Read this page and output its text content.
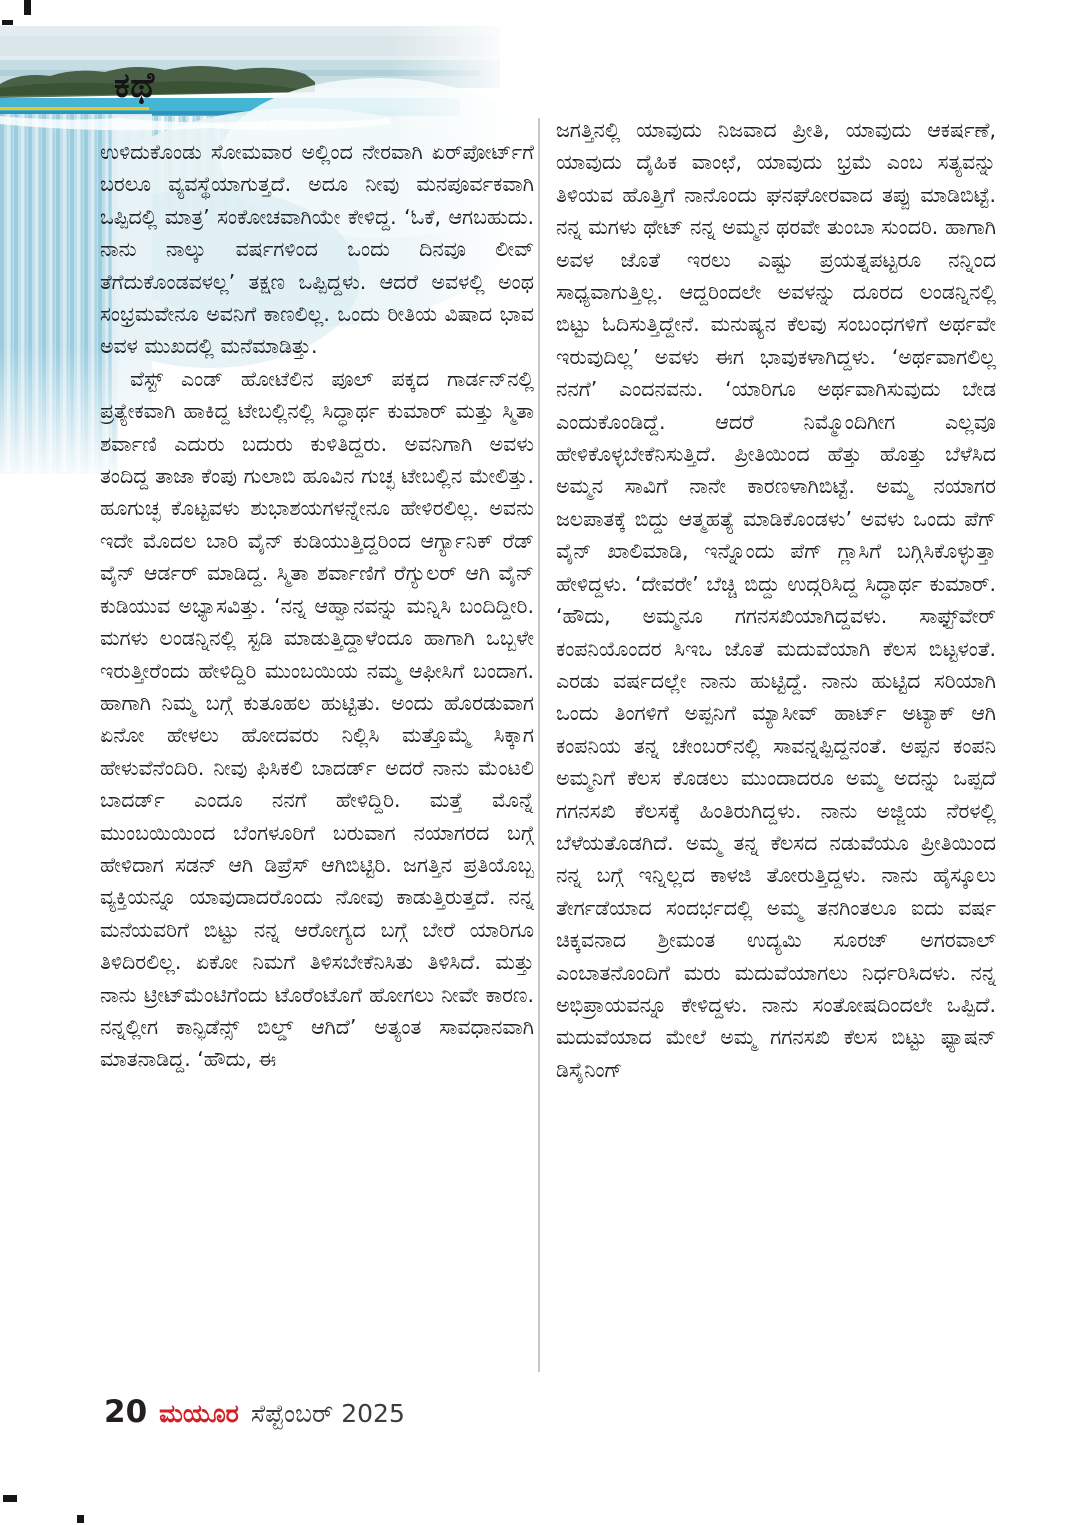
ಕಥೆ

ಉಳಿದುಕೊಂಡು ಸೋಮವಾರ ಅಲ್ಲಿಂದ ನೇರವಾಗಿ ಏರ್‌ಪೋರ್ಟ್‌ಗೆ ಬರಲೂ ವ್ಯವಸ್ಥೆಯಾಗುತ್ತದೆ. ಅದೂ ನೀವು ಮನಪೂರ್ವಕವಾಗಿ ಒಪ್ಪಿದಲ್ಲಿ ಮಾತ್ರ’ ಸಂಕೋಚವಾಗಿಯೇ ಕೇಳಿದ್ದ. ‘ಓಕೆ, ಆಗಬಹುದು. ನಾನು ನಾಲ್ಕು ವರ್ಷಗಳಿಂದ ಒಂದು ದಿನವೂ ಲೀವ್ ತೆಗೆದುಕೊಂಡವಳಲ್ಲ’ ತಕ್ಷಣ ಒಪ್ಪಿದ್ದಳು. ಆದರೆ ಅವಳಲ್ಲಿ ಅಂಥ ಸಂಭ್ರಮವೇನೂ ಅವನಿಗೆ ಕಾಣಲಿಲ್ಲ. ಒಂದು ರೀತಿಯ ವಿಷಾದ ಭಾವ ಅವಳ ಮುಖದಲ್ಲಿ ಮನೆಮಾಡಿತ್ತು.

ವೆಸ್ಟ್ ಎಂಡ್ ಹೋಟೆಲಿನ ಪೂಲ್ ಪಕ್ಕದ ಗಾರ್ಡನ್‌ನಲ್ಲಿ ಪ್ರತ್ಯೇಕವಾಗಿ ಹಾಕಿದ್ದ ಟೇಬಲ್ಲಿನಲ್ಲಿ ಸಿದ್ಧಾರ್ಥ ಕುಮಾರ್ ಮತ್ತು ಸ್ಮಿತಾ ಶರ್ವಾಣಿ ಎದುರು ಬದುರು ಕುಳಿತಿದ್ದರು. ಅವನಿಗಾಗಿ ಅವಳು ತಂದಿದ್ದ ತಾಜಾ ಕೆಂಪು ಗುಲಾಬಿ ಹೂವಿನ ಗುಚ್ಛ ಟೇಬಲ್ಲಿನ ಮೇಲಿತ್ತು. ಹೂಗುಚ್ಛ ಕೊಟ್ಟವಳು ಶುಭಾಶಯಗಳನ್ನೇನೂ ಹೇಳಿರಲಿಲ್ಲ. ಅವನು ಇದೇ ಮೊದಲ ಬಾರಿ ವೈನ್ ಕುಡಿಯುತ್ತಿದ್ದರಿಂದ ಆರ್ಗ್ಯಾನಿಕ್ ರೆಡ್ ವೈನ್ ಆರ್ಡರ್ ಮಾಡಿದ್ದ. ಸ್ಮಿತಾ ಶರ್ವಾಣಿಗೆ ರೆಗ್ಯುಲರ್ ಆಗಿ ವೈನ್ ಕುಡಿಯುವ ಅಭ್ಯಾಸವಿತ್ತು. ‘ನನ್ನ ಆಹ್ವಾನವನ್ನು ಮನ್ನಿಸಿ ಬಂದಿದ್ದೀರಿ. ಮಗಳು ಲಂಡನ್ನಿನಲ್ಲಿ ಸ್ಟಡಿ ಮಾಡುತ್ತಿದ್ದಾಳೆಂದೂ ಹಾಗಾಗಿ ಒಬ್ಬಳೇ ಇರುತ್ತೀರೆಂದು ಹೇಳಿದ್ದಿರಿ ಮುಂಬಯಿಯ ನಮ್ಮ ಆಫೀಸಿಗೆ ಬಂದಾಗ. ಹಾಗಾಗಿ ನಿಮ್ಮ ಬಗ್ಗೆ ಕುತೂಹಲ ಹುಟ್ಟಿತು. ಅಂದು ಹೊರಡುವಾಗ ಏನೋ ಹೇಳಲು ಹೋದವರು ನಿಲ್ಲಿಸಿ ಮತ್ತೊಮ್ಮೆ ಸಿಕ್ಕಾಗ ಹೇಳುವೆನೆಂದಿರಿ. ನೀವು ಫಿಸಿಕಲಿ ಬಾದರ್ಡ್ ಅದರೆ ನಾನು ಮೆಂಟಲಿ ಬಾದರ್ಡ್ ಎಂದೂ ನನಗೆ ಹೇಳಿದ್ದಿರಿ. ಮತ್ತೆ ಮೊನ್ನೆ ಮುಂಬಯಿಯಿಂದ ಬೆಂಗಳೂರಿಗೆ ಬರುವಾಗ ನಯಾಗರದ ಬಗ್ಗೆ ಹೇಳಿದಾಗ ಸಡನ್ ಆಗಿ ಡಿಪ್ರೆಸ್ ಆಗಿಬಿಟ್ಟಿರಿ. ಜಗತ್ತಿನ ಪ್ರತಿಯೊಬ್ಬ ವ್ಯಕ್ತಿಯನ್ನೂ ಯಾವುದಾದರೊಂದು ನೋವು ಕಾಡುತ್ತಿರುತ್ತದೆ. ನನ್ನ ಮನೆಯವರಿಗೆ ಬಿಟ್ಟು ನನ್ನ ಆರೋಗ್ಯದ ಬಗ್ಗೆ ಬೇರೆ ಯಾರಿಗೂ ತಿಳಿದಿರಲಿಲ್ಲ. ಏಕೋ ನಿಮಗೆ ತಿಳಿಸಬೇಕೆನಿಸಿತು ತಿಳಿಸಿದೆ. ಮತ್ತು ನಾನು ಟ್ರೀಟ್‌ಮೆಂಟಿಗೆಂದು ಟೊರೆಂಟೊಗೆ ಹೋಗಲು ನೀವೇ ಕಾರಣ. ನನ್ನಲ್ಲೀಗ ಕಾನ್ಫಿಡೆನ್ಸ್ ಬಿಲ್ಡ್ ಆಗಿದೆ’ ಅತ್ಯಂತ ಸಾವಧಾನವಾಗಿ ಮಾತನಾಡಿದ್ದ. ‘ಹೌದು, ಈ

ಜಗತ್ತಿನಲ್ಲಿ ಯಾವುದು ನಿಜವಾದ ಪ್ರೀತಿ, ಯಾವುದು ಆಕರ್ಷಣೆ, ಯಾವುದು ದೈಹಿಕ ವಾಂಛೆ, ಯಾವುದು ಭ್ರಮೆ ಎಂಬ ಸತ್ಯವನ್ನು ತಿಳಿಯವ ಹೊತ್ತಿಗೆ ನಾನೊಂದು ಘನಘೋರವಾದ ತಪ್ಪು ಮಾಡಿಬಿಟ್ಟೆ. ನನ್ನ ಮಗಳು ಥೇಟ್ ನನ್ನ ಅಮ್ಮನ ಥರವೇ ತುಂಬಾ ಸುಂದರಿ. ಹಾಗಾಗಿ ಅವಳ ಜೊತೆ ಇರಲು ಎಷ್ಟು ಪ್ರಯತ್ನಪಟ್ಟರೂ ನನ್ನಿಂದ ಸಾಧ್ಯವಾಗುತ್ತಿಲ್ಲ. ಆದ್ದರಿಂದಲೇ ಅವಳನ್ನು ದೂರದ ಲಂಡನ್ನಿನಲ್ಲಿ ಬಿಟ್ಟು ಓದಿಸುತ್ತಿದ್ದೇನೆ. ಮನುಷ್ಯನ ಕೆಲವು ಸಂಬಂಧಗಳಿಗೆ ಅರ್ಥವೇ ಇರುವುದಿಲ್ಲ’ ಅವಳು ಈಗ ಭಾವುಕಳಾಗಿದ್ದಳು. ‘ಅರ್ಥವಾಗಲಿಲ್ಲ ನನಗೆ’ ಎಂದನವನು. ‘ಯಾರಿಗೂ ಅರ್ಥವಾಗಿಸುವುದು ಬೇಡ ಎಂದುಕೊಂಡಿದ್ದೆ. ಆದರೆ ನಿಮ್ಮೊಂದಿಗೀಗ ಎಲ್ಲವೂ ಹೇಳಿಕೊಳ್ಳಬೇಕೆನಿಸುತ್ತಿದೆ. ಪ್ರೀತಿಯಿಂದ ಹೆತ್ತು ಹೊತ್ತು ಬೆಳೆಸಿದ ಅಮ್ಮನ ಸಾವಿಗೆ ನಾನೇ ಕಾರಣಳಾಗಿಬಿಟ್ಟೆ. ಅಮ್ಮ ನಯಾಗರ ಜಲಪಾತಕ್ಕೆ ಬಿದ್ದು ಆತ್ಮಹತ್ಯೆ ಮಾಡಿಕೊಂಡಳು’ ಅವಳು ಒಂದು ಪೆಗ್ ವೈನ್ ಖಾಲಿಮಾಡಿ, ಇನ್ನೊಂದು ಪೆಗ್ ಗ್ಲಾಸಿಗೆ ಬಗ್ಗಿಸಿಕೊಳ್ಳುತ್ತಾ ಹೇಳಿದ್ದಳು. ‘ದೇವರೇ’ ಬೆಚ್ಚಿ ಬಿದ್ದು ಉದ್ಗರಿಸಿದ್ದ ಸಿದ್ಧಾರ್ಥ ಕುಮಾರ್. ‘ಹೌದು, ಅಮ್ಮನೂ ಗಗನಸಖಿಯಾಗಿದ್ದವಳು. ಸಾಫ್ಟ್‌ವೇರ್ ಕಂಪನಿಯೊಂದರ ಸಿಇಒ ಜೊತೆ ಮದುವೆಯಾಗಿ ಕೆಲಸ ಬಿಟ್ಟಳಂತೆ. ಎರಡು ವರ್ಷದಲ್ಲೇ ನಾನು ಹುಟ್ಟಿದ್ದೆ. ನಾನು ಹುಟ್ಟಿದ ಸರಿಯಾಗಿ ಒಂದು ತಿಂಗಳಿಗೆ ಅಪ್ಪನಿಗೆ ಮ್ಯಾಸೀವ್ ಹಾರ್ಟ್ ಅಟ್ಯಾಕ್ ಆಗಿ ಕಂಪನಿಯ ತನ್ನ ಚೇಂಬರ್‌ನಲ್ಲಿ ಸಾವನ್ನಪ್ಪಿದ್ದನಂತೆ. ಅಪ್ಪನ ಕಂಪನಿ ಅಮ್ಮನಿಗೆ ಕೆಲಸ ಕೊಡಲು ಮುಂದಾದರೂ ಅಮ್ಮ ಅದನ್ನು ಒಪ್ಪದೆ ಗಗನಸಖಿ ಕೆಲಸಕ್ಕೆ ಹಿಂತಿರುಗಿದ್ದಳು. ನಾನು ಅಜ್ಜಿಯ ನೆರಳಲ್ಲಿ ಬೆಳೆಯತೊಡಗಿದೆ. ಅಮ್ಮ ತನ್ನ ಕೆಲಸದ ನಡುವೆಯೂ ಪ್ರೀತಿಯಿಂದ ನನ್ನ ಬಗ್ಗೆ ಇನ್ನಿಲ್ಲದ ಕಾಳಜಿ ತೋರುತ್ತಿದ್ದಳು. ನಾನು ಹೈಸ್ಕೂಲು ತೇರ್ಗಡೆಯಾದ ಸಂದರ್ಭದಲ್ಲಿ ಅಮ್ಮ ತನಗಿಂತಲೂ ಐದು ವರ್ಷ ಚಿಕ್ಕವನಾದ ಶ್ರೀಮಂತ ಉದ್ಯಮಿ ಸೂರಜ್ ಅಗರವಾಲ್ ಎಂಬಾತನೊಂದಿಗೆ ಮರು ಮದುವೆಯಾಗಲು ನಿರ್ಧರಿಸಿದಳು. ನನ್ನ ಅಭಿಪ್ರಾಯವನ್ನೂ ಕೇಳಿದ್ದಳು. ನಾನು ಸಂತೋಷದಿಂದಲೇ ಒಪ್ಪಿದೆ. ಮದುವೆಯಾದ ಮೇಲೆ ಅಮ್ಮ ಗಗನಸಖಿ ಕೆಲಸ ಬಿಟ್ಟು ಫ್ಯಾಷನ್ ಡಿಸೈನಿಂಗ್

20 ಮಯೂರ ಸೆಪ್ಟೆಂಬರ್ 2025
